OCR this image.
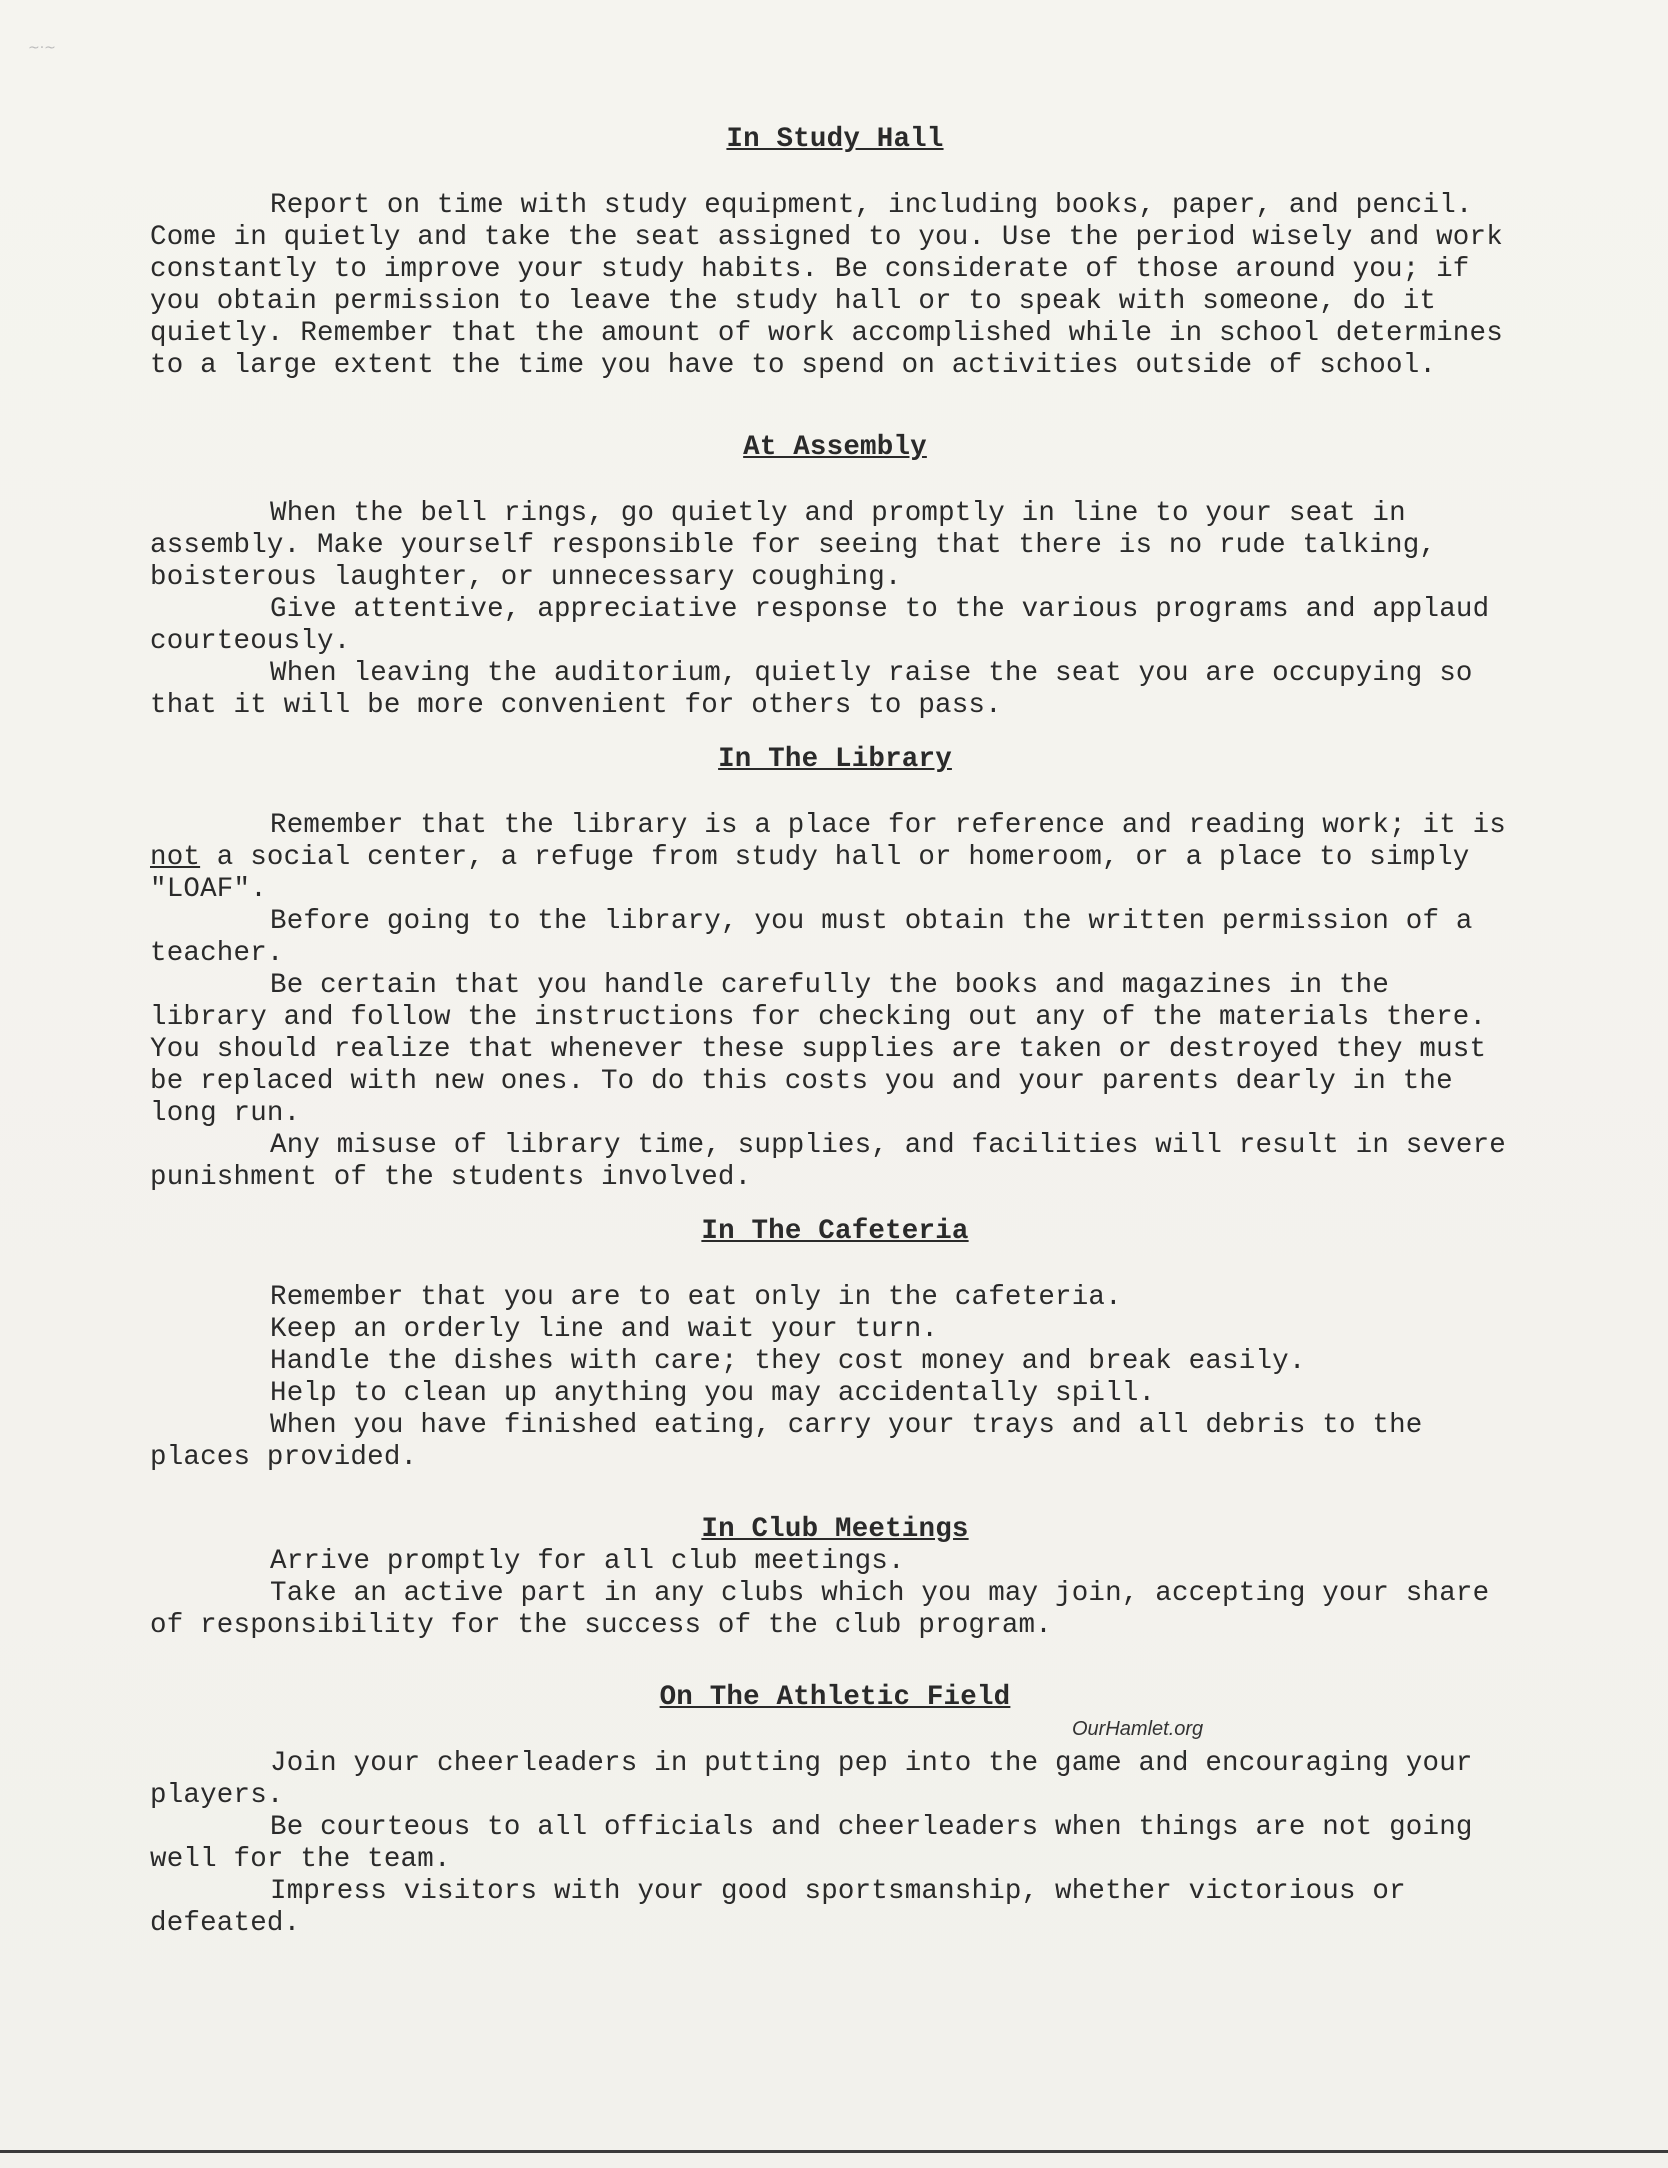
~·~
In Study Hall

Report on time with study equipment, including books, paper, and pencil. Come in quietly and take the seat assigned to you. Use the period wisely and work constantly to improve your study habits. Be considerate of those around you; if you obtain permission to leave the study hall or to speak with someone, do it quietly. Remember that the amount of work accomplished while in school determines to a large extent the time you have to spend on activities outside of school.

At Assembly

When the bell rings, go quietly and promptly in line to your seat in assembly. Make yourself responsible for seeing that there is no rude talking, boisterous laughter, or unnecessary coughing.

Give attentive, appreciative response to the various programs and applaud courteously.

When leaving the auditorium, quietly raise the seat you are occupying so that it will be more convenient for others to pass.

In The Library

Remember that the library is a place for reference and reading work; it is not a social center, a refuge from study hall or homeroom, or a place to simply "LOAF".

Before going to the library, you must obtain the written permission of a teacher.

Be certain that you handle carefully the books and magazines in the library and follow the instructions for checking out any of the materials there. You should realize that whenever these supplies are taken or destroyed they must be replaced with new ones. To do this costs you and your parents dearly in the long run.

Any misuse of library time, supplies, and facilities will result in severe punishment of the students involved.

In The Cafeteria

Remember that you are to eat only in the cafeteria.

Keep an orderly line and wait your turn.

Handle the dishes with care; they cost money and break easily.

Help to clean up anything you may accidentally spill.

When you have finished eating, carry your trays and all debris to the places provided.

In Club Meetings

Arrive promptly for all club meetings.

Take an active part in any clubs which you may join, accepting your share of responsibility for the success of the club program.

On The Athletic Field

Join your cheerleaders in putting pep into the game and encouraging your players.

Be courteous to all officials and cheerleaders when things are not going well for the team.

Impress visitors with your good sportsmanship, whether victorious or defeated.

OurHamlet.org
